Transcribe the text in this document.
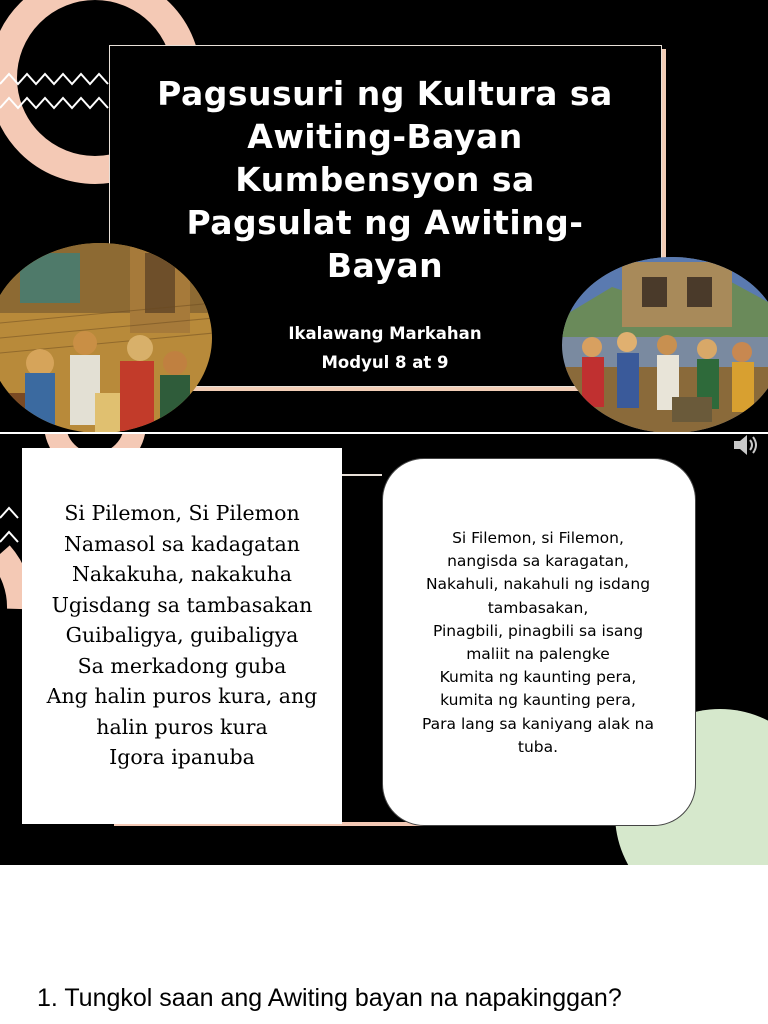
Pagsusuri ng Kultura sa
Awiting-Bayan
Kumbensyon sa
Pagsulat ng Awiting-
Bayan
Ikalawang Markahan
Modyul 8 at 9
Si Pilemon, Si Pilemon
Namasol sa kadagatan
Nakakuha, nakakuha
Ugisdang sa tambasakan
Guibaligya, guibaligya
Sa merkadong guba
Ang halin puros kura, ang
halin puros kura
Igora ipanuba
Si Filemon, si Filemon,
nangisda sa karagatan,
Nakahuli, nakahuli ng isdang
tambasakan,
Pinagbili, pinagbili sa isang
maliit na palengke
Kumita ng kaunting pera,
kumita ng kaunting pera,
Para lang sa kaniyang alak na
tuba.
1. Tungkol saan ang Awiting bayan na napakinggan?
